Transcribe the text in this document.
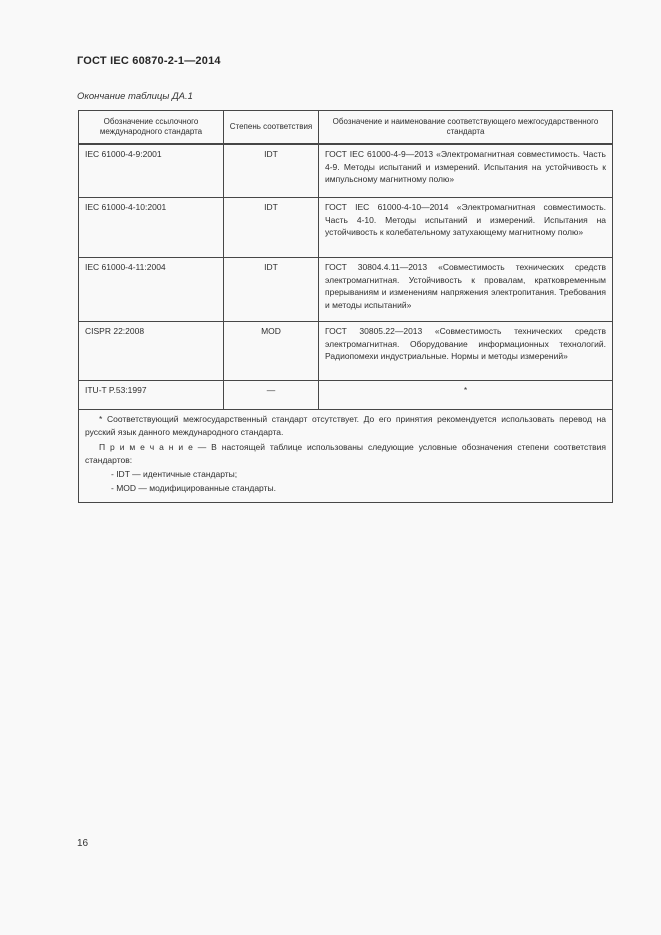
ГОСТ IEC 60870-2-1—2014
Окончание таблицы ДА.1
Обозначение ссылочного международного стандарта	Степень соответствия	Обозначение и наименование соответствующего межгосударственного стандарта
IEC 61000-4-9:2001	IDT	ГОСТ IEC 61000-4-9—2013 «Электромагнитная совместимость. Часть 4-9. Методы испытаний и измерений. Испытания на устойчивость к импульсному магнитному полю»
IEC 61000-4-10:2001	IDT	ГОСТ IEC 61000-4-10—2014 «Электромагнитная совместимость. Часть 4-10. Методы испытаний и измерений. Испытания на устойчивость к колебательному затухающему магнитному полю»
IEC 61000-4-11:2004	IDT	ГОСТ 30804.4.11—2013 «Совместимость технических средств электромагнитная. Устойчивость к провалам, кратковременным прерываниям и изменениям напряжения электропитания. Требования и методы испытаний»
CISPR 22:2008	MOD	ГОСТ 30805.22—2013 «Совместимость технических средств электромагнитная. Оборудование информационных технологий. Радиопомехи индустриальные. Нормы и методы измерений»
ITU-T P.53:1997	—	*

* Соответствующий межгосударственный стандарт отсутствует. До его принятия рекомендуется использовать перевод на русский язык данного международного стандарта.

П р и м е ч а н и е — В настоящей таблице использованы следующие условные обозначения степени соответствия стандартов:

- IDT — идентичные стандарты;

- MOD — модифицированные стандарты.		

16
